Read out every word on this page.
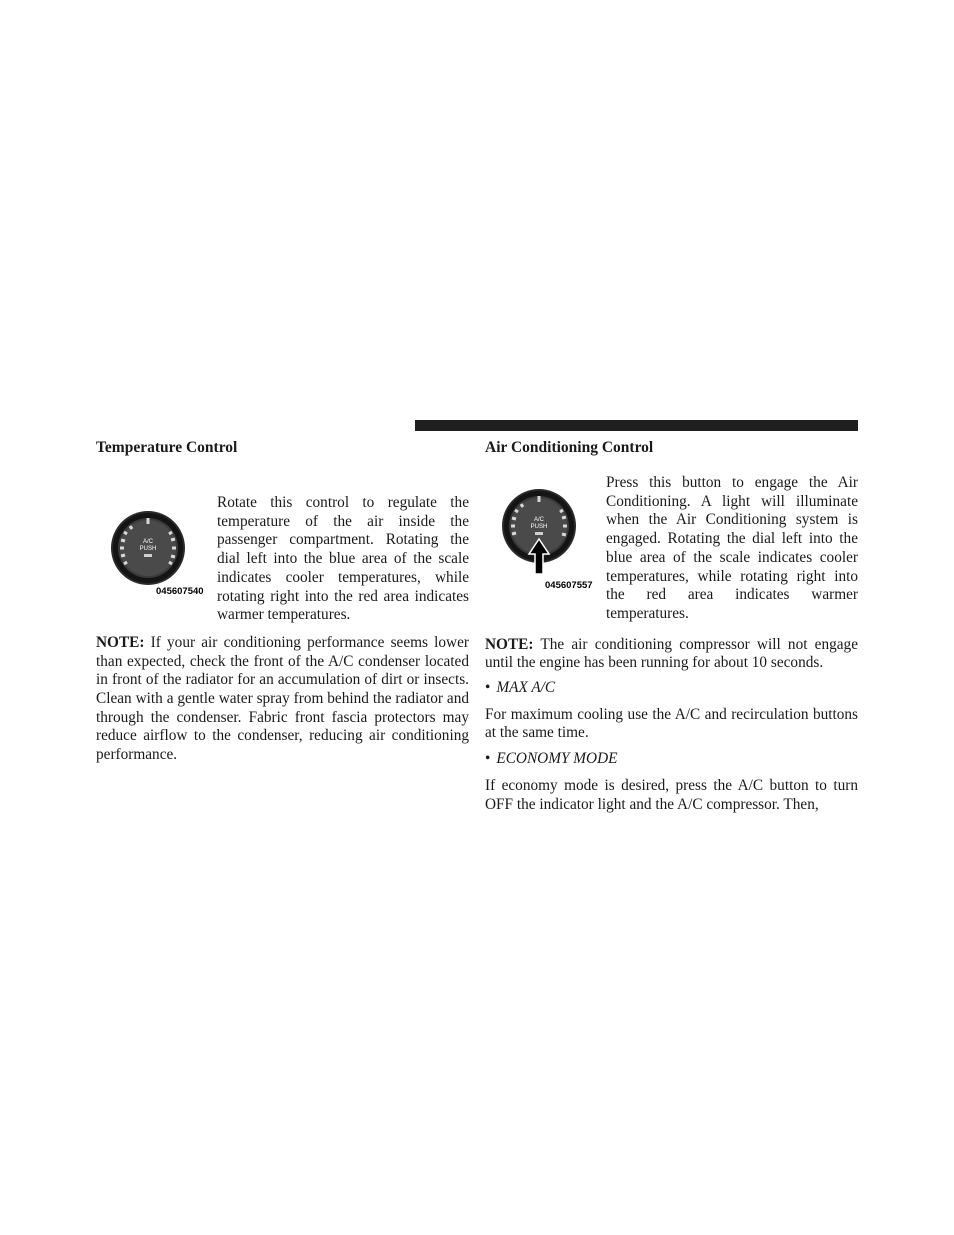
Temperature Control
A/C
PUSH
045607540
Rotate this control to regulate the temperature of the air inside the passenger compartment. Rotating the dial left into the blue area of the scale indicates cooler temperatures, while rotating right into the red area indicates warmer temperatures.

NOTE: If your air conditioning performance seems lower than expected, check the front of the A/C condenser located in front of the radiator for an accumulation of dirt or insects. Clean with a gentle water spray from behind the radiator and through the condenser. Fabric front fascia protectors may reduce airflow to the condenser, reducing air conditioning performance.

Air Conditioning Control
A/C
PUSH
045607557
Press this button to engage the Air Conditioning. A light will illuminate when the Air Conditioning system is engaged. Rotating the dial left into the blue area of the scale indicates cooler temperatures, while rotating right into the red area indicates warmer temperatures.

NOTE: The air conditioning compressor will not engage until the engine has been running for about 10 seconds.

• MAX A/C

For maximum cooling use the A/C and recirculation buttons at the same time.

• ECONOMY MODE

If economy mode is desired, press the A/C button to turn OFF the indicator light and the A/C compressor. Then,
